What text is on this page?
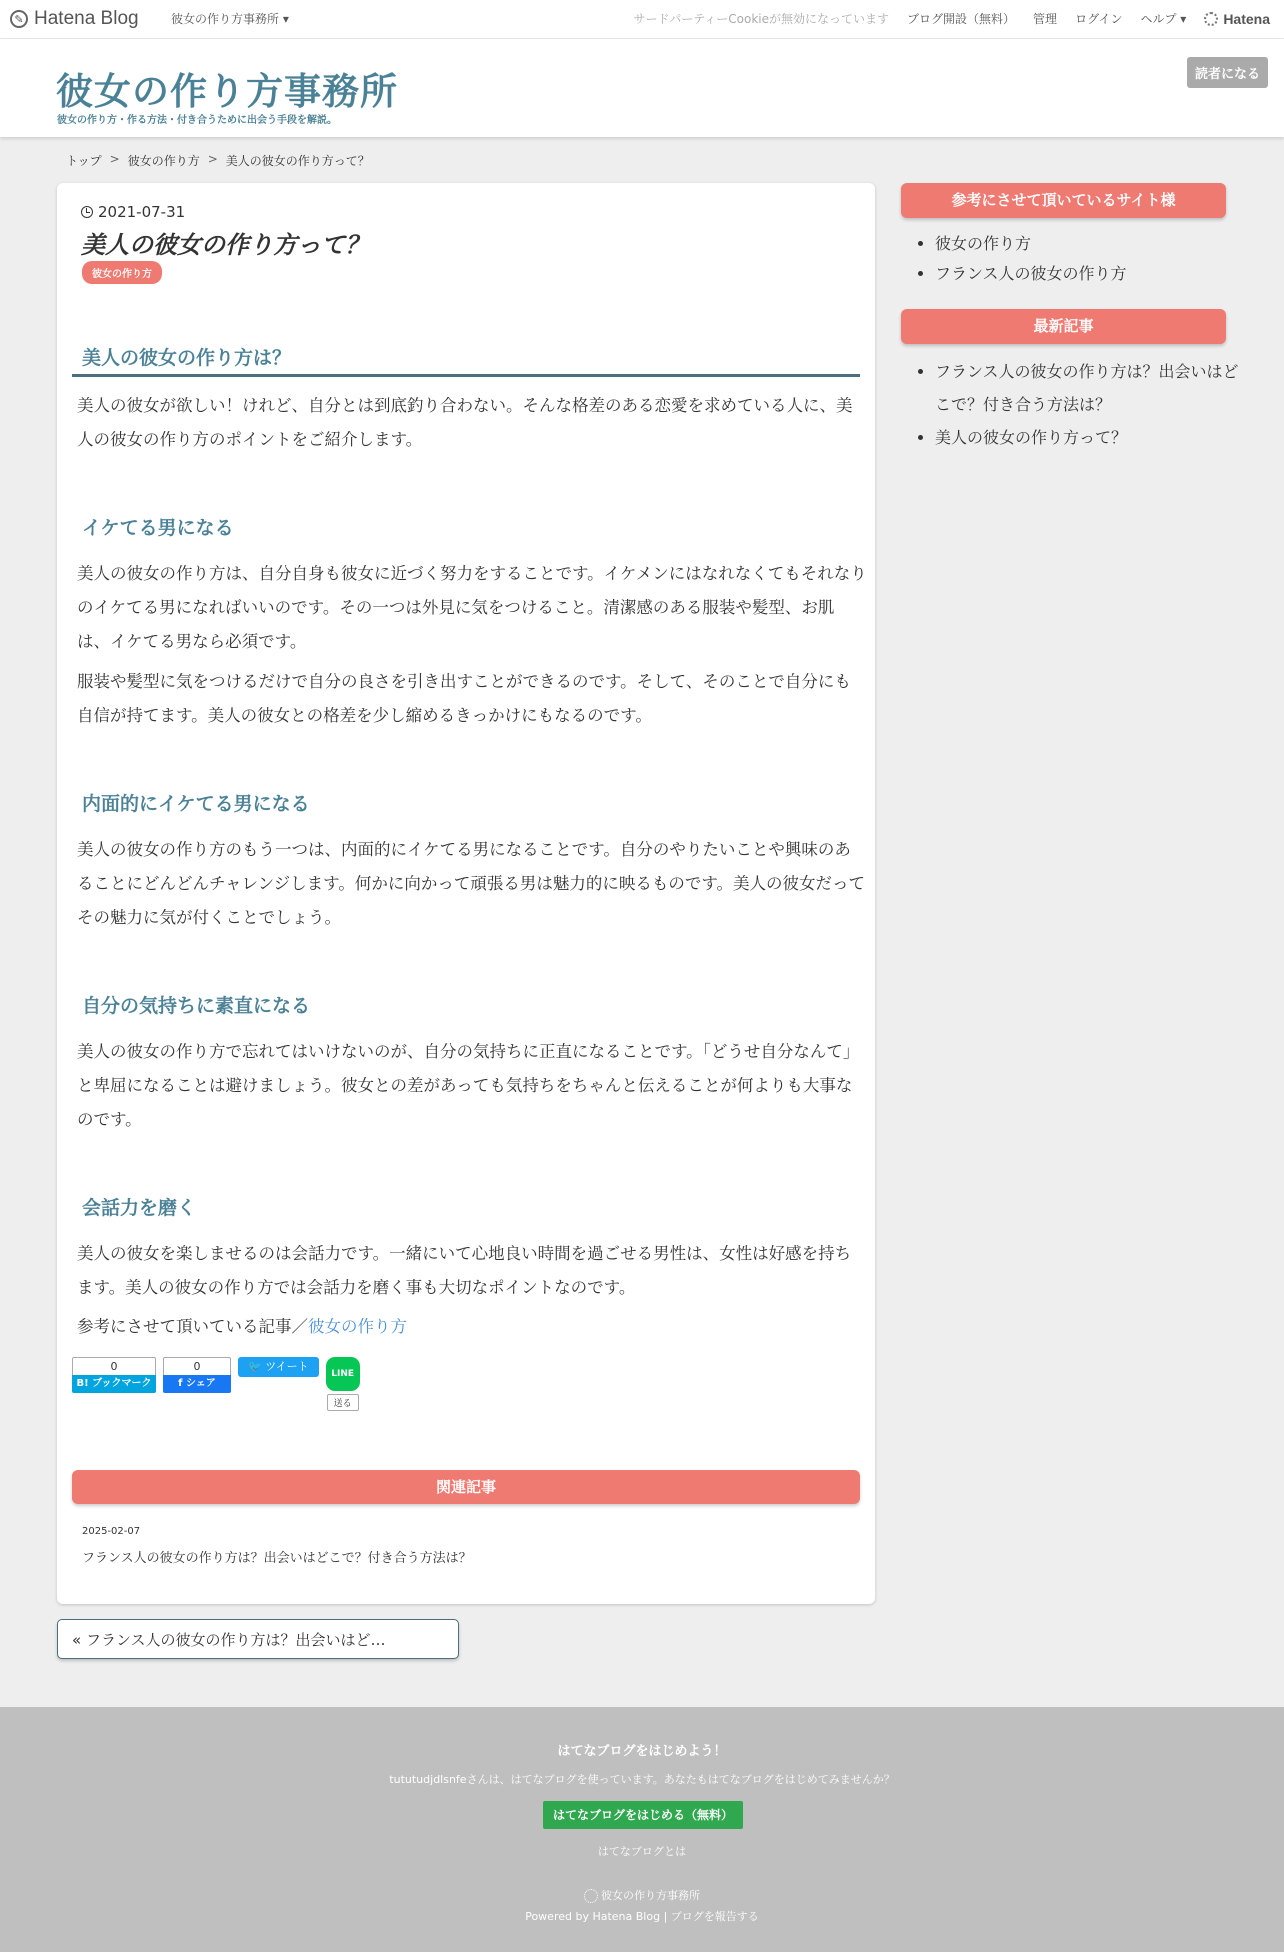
✎ Hatena Blog	彼女の作り方事務所 ▾	サードパーティーCookieが無効になっています ブログ開設（無料） 管理 ログイン ヘルプ ▾	Hatena
彼女の作り方事務所
彼女の作り方・作る方法・付き合うために出会う手段を解説。
読者になる
トップ > 彼女の作り方 > 美人の彼女の作り方って？
2021-07-31
美人の彼女の作り方って？
彼女の作り方
美人の彼女の作り方は？
美人の彼女が欲しい！けれど、自分とは到底釣り合わない。そんな格差のある恋愛を求めている人に、美人の彼女の作り方のポイントをご紹介します。
イケてる男になる
美人の彼女の作り方は、自分自身も彼女に近づく努力をすることです。イケメンにはなれなくてもそれなりのイケてる男になればいいのです。その一つは外見に気をつけること。清潔感のある服装や髪型、お肌は、イケてる男なら必須です。
服装や髪型に気をつけるだけで自分の良さを引き出すことができるのです。そして、そのことで自分にも自信が持てます。美人の彼女との格差を少し縮めるきっかけにもなるのです。
内面的にイケてる男になる
美人の彼女の作り方のもう一つは、内面的にイケてる男になることです。自分のやりたいことや興味のあることにどんどんチャレンジします。何かに向かって頑張る男は魅力的に映るものです。美人の彼女だってその魅力に気が付くことでしょう。
自分の気持ちに素直になる
美人の彼女の作り方で忘れてはいけないのが、自分の気持ちに正直になることです。「どうせ自分なんて」と卑屈になることは避けましょう。彼女との差があっても気持ちをちゃんと伝えることが何よりも大事なのです。
会話力を磨く
美人の彼女を楽しませるのは会話力です。一緒にいて心地良い時間を過ごせる男性は、女性は好感を持ちます。美人の彼女の作り方では会話力を磨く事も大切なポイントなのです。
参考にさせて頂いている記事／彼女の作り方
0
B! ブックマーク
0
f シェア
🐦 ツイート
LINE
送る
関連記事
2025-02-07
フランス人の彼女の作り方は？出会いはどこで？付き合う方法は？
« フランス人の彼女の作り方は？出会いはど…
参考にさせて頂いているサイト様
• 彼女の作り方
• フランス人の彼女の作り方
最新記事
• フランス人の彼女の作り方は？出会いはどこで？付き合う方法は？
• 美人の彼女の作り方って？
はてなブログをはじめよう！
tututudjdlsnfeさんは、はてなブログを使っています。あなたもはてなブログをはじめてみませんか？
はてなブログをはじめる（無料）
はてなブログとは
彼女の作り方事務所
Powered by Hatena Blog | ブログを報告する
